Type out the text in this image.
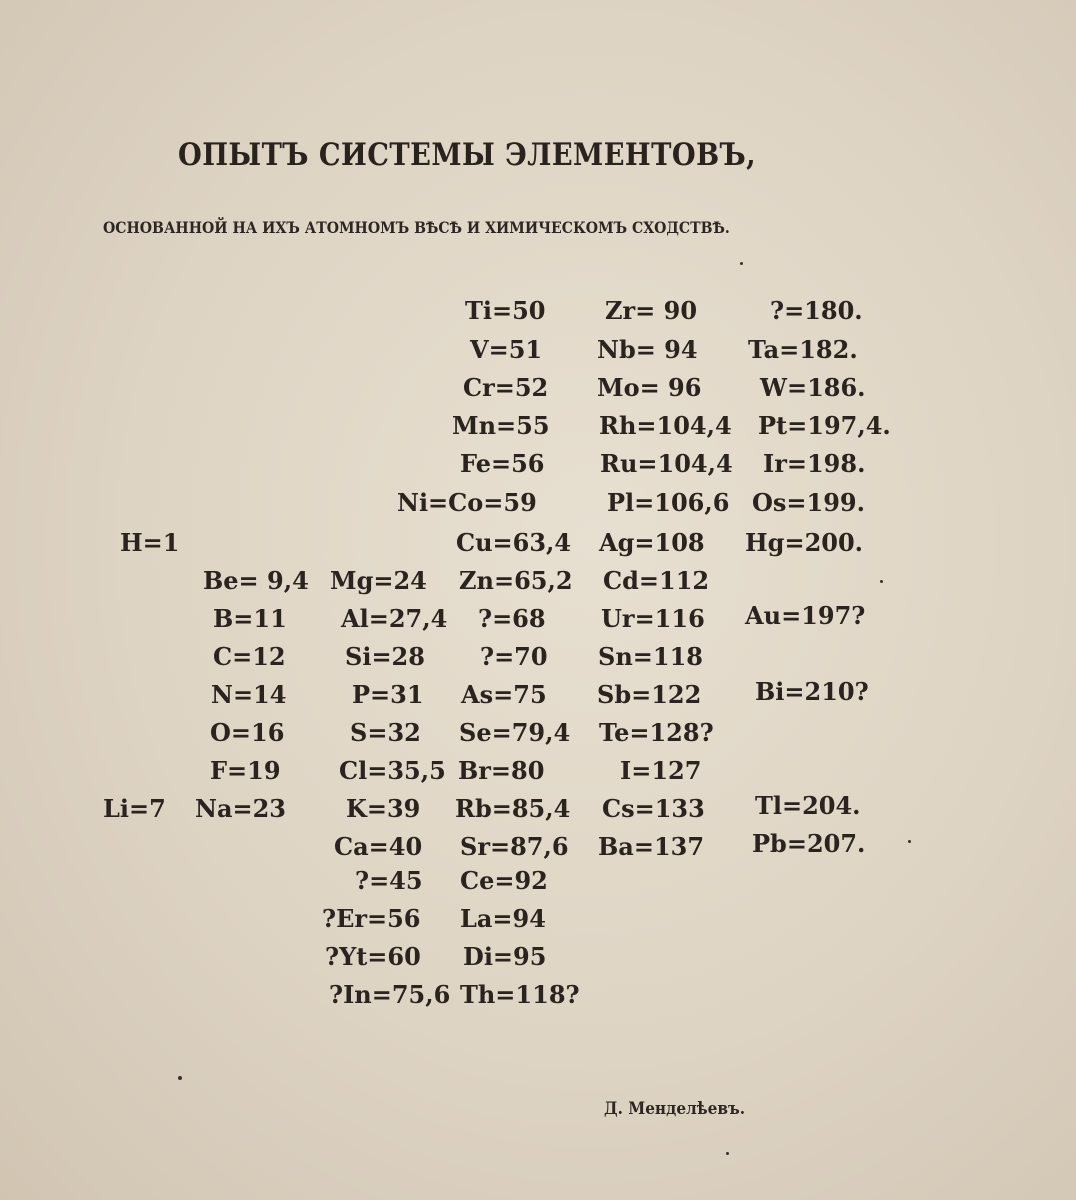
ОПЫТЪ СИСТЕМЫ ЭЛЕМЕНТОВЪ,
ОСНОВАННОЙ НА ИХЪ АТОМНОМЪ ВѢСѢ И ХИМИЧЕСКОМЪ СХОДСТВѢ.
Li=7
H=1
Be= 9,4
B=11
C=12
N=14
O=16
F=19
Na=23
Mg=24
Al=27,4
Si=28
P=31
S=32
Cl=35,5
K=39
Ca=40
?=45
?Er=56
?Yt=60
?In=75,6
Ti=50
V=51
Cr=52
Mn=55
Fe=56
Ni=Co=59
Cu=63,4
Zn=65,2
?=68
?=70
As=75
Se=79,4
Br=80
Rb=85,4
Sr=87,6
Ce=92
La=94
Di=95
Th=118?
Zr= 90
Nb= 94
Mo= 96
Rh=104,4
Ru=104,4
Pl=106,6
Ag=108
Cd=112
Ur=116
Sn=118
Sb=122
Te=128?
I=127
Cs=133
Ba=137
?=180.
Ta=182.
W=186.
Pt=197,4.
Ir=198.
Os=199.
Hg=200.
Au=197?
Bi=210?
Tl=204.
Pb=207.
Д. Менделѣевъ.
